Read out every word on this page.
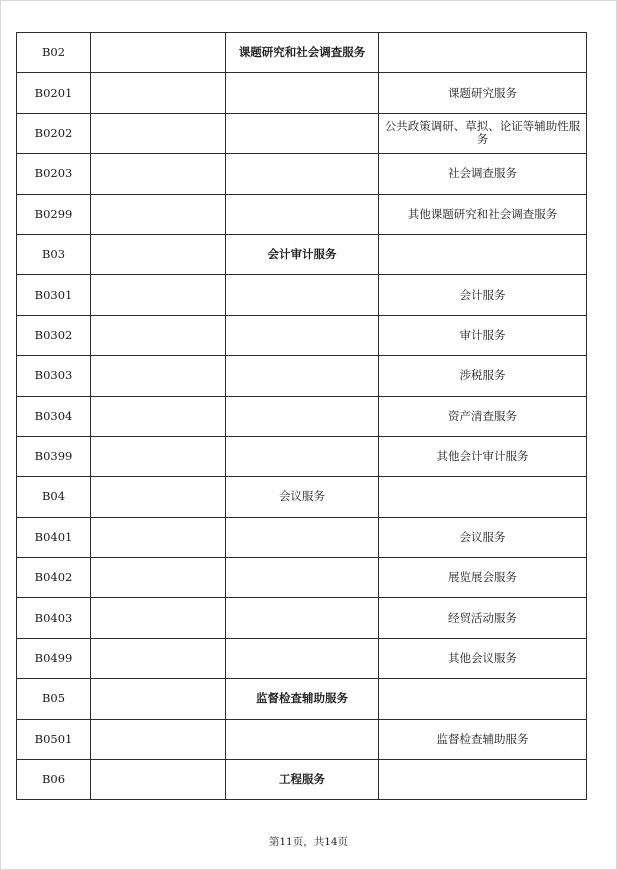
B02		课题研究和社会调查服务	
B0201			课题研究服务
B0202			公共政策调研、草拟、论证等辅助性服务
B0203			社会调查服务
B0299			其他课题研究和社会调查服务
B03		会计审计服务	
B0301			会计服务
B0302			审计服务
B0303			涉税服务
B0304			资产清查服务
B0399			其他会计审计服务
B04		会议服务	
B0401			会议服务
B0402			展览展会服务
B0403			经贸活动服务
B0499			其他会议服务
B05		监督检查辅助服务	
B0501			监督检查辅助服务
B06		工程服务	
第11页，共14页
